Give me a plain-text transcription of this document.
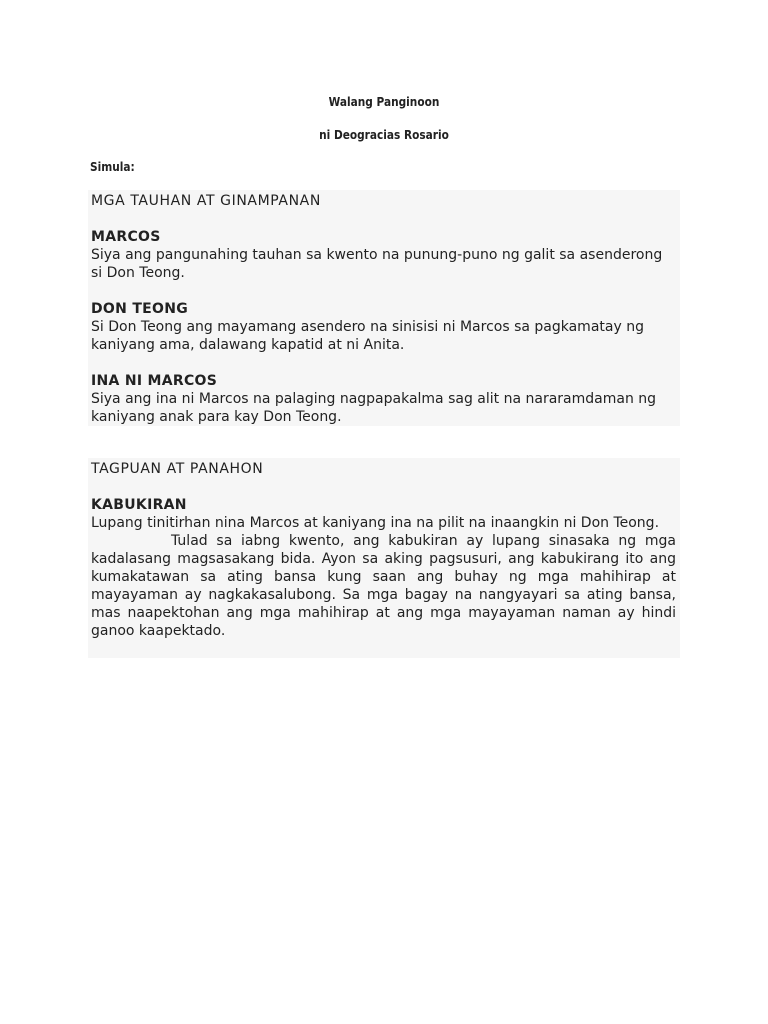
Walang Panginoon
ni Deogracias Rosario
Simula:
MGA TAUHAN AT GINAMPANAN
MARCOS
Siya ang pangunahing tauhan sa kwento na punung-puno ng galit sa asenderong si Don Teong.
DON TEONG
Si Don Teong ang mayamang asendero na sinisisi ni Marcos sa pagkamatay ng kaniyang ama, dalawang kapatid at ni Anita.
INA NI MARCOS
Siya ang ina ni Marcos na palaging nagpapakalma sag alit na nararamdaman ng kaniyang anak para kay Don Teong.
TAGPUAN AT PANAHON
KABUKIRAN
Lupang tinitirhan nina Marcos at kaniyang ina na pilit na inaangkin ni Don Teong.
Tulad sa iabng kwento, ang kabukiran ay lupang sinasaka ng mga kadalasang magsasakang bida. Ayon sa aking pagsusuri, ang kabukirang ito ang kumakatawan sa ating bansa kung saan ang buhay ng mga mahihirap at mayayaman ay nagkakasalubong. Sa mga bagay na nangyayari sa ating bansa, mas naapektohan ang mga mahihirap at ang mga mayayaman naman ay hindi ganoo kaapektado.
